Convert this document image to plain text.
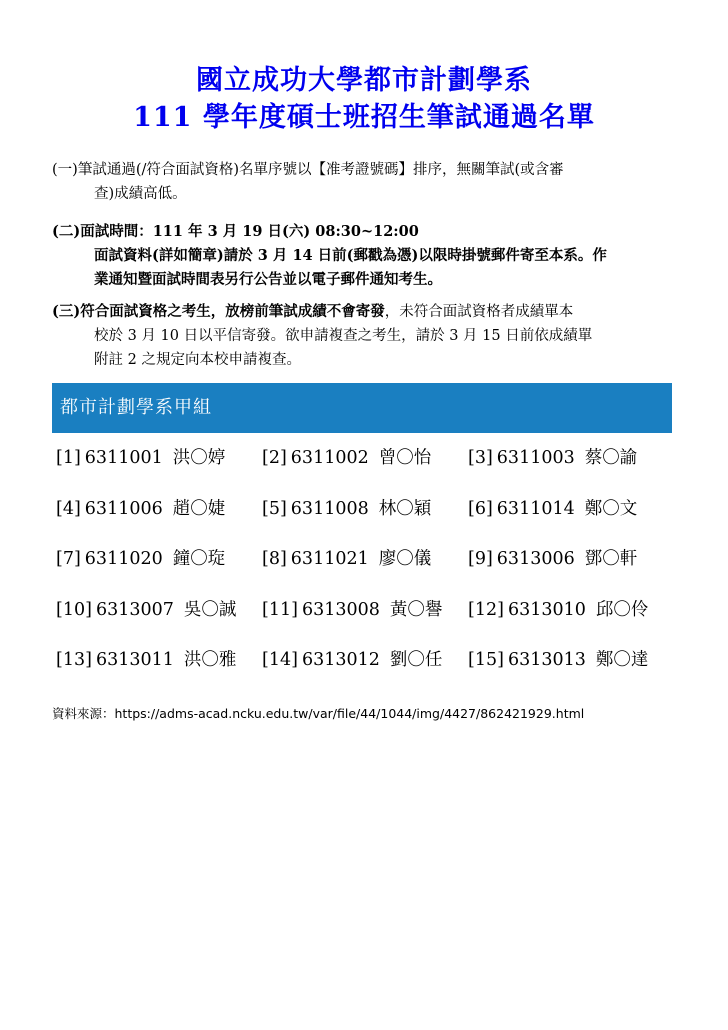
國立成功大學都市計劃學系
111 學年度碩士班招生筆試通過名單
(一)筆試通過(/符合面試資格)名單序號以【准考證號碼】排序，無關筆試(或含審
查)成績高低。
(二)面試時間：111 年 3 月 19 日(六) 08:30~12:00
面試資料(詳如簡章)請於 3 月 14 日前(郵戳為憑)以限時掛號郵件寄至本系。作
業通知暨面試時間表另行公告並以電子郵件通知考生。
(三)符合面試資格之考生，放榜前筆試成績不會寄發，未符合面試資格者成績單本
校於 3 月 10 日以平信寄發。欲申請複查之考生，請於 3 月 15 日前依成績單
附註 2 之規定向本校申請複查。
都市計劃學系甲組
[1] 6311001 洪〇婷 [2] 6311002 曾〇怡 [3] 6311003 蔡〇諭
[4] 6311006 趙〇婕 [5] 6311008 林〇穎 [6] 6311014 鄭〇文
[7] 6311020 鐘〇琁 [8] 6311021 廖〇儀 [9] 6313006 鄧〇軒
[10] 6313007 吳〇誠 [11] 6313008 黃〇譽 [12] 6313010 邱〇伶
[13] 6313011 洪〇雅 [14] 6313012 劉〇任 [15] 6313013 鄭〇達
資料來源：https://adms-acad.ncku.edu.tw/var/file/44/1044/img/4427/862421929.html
